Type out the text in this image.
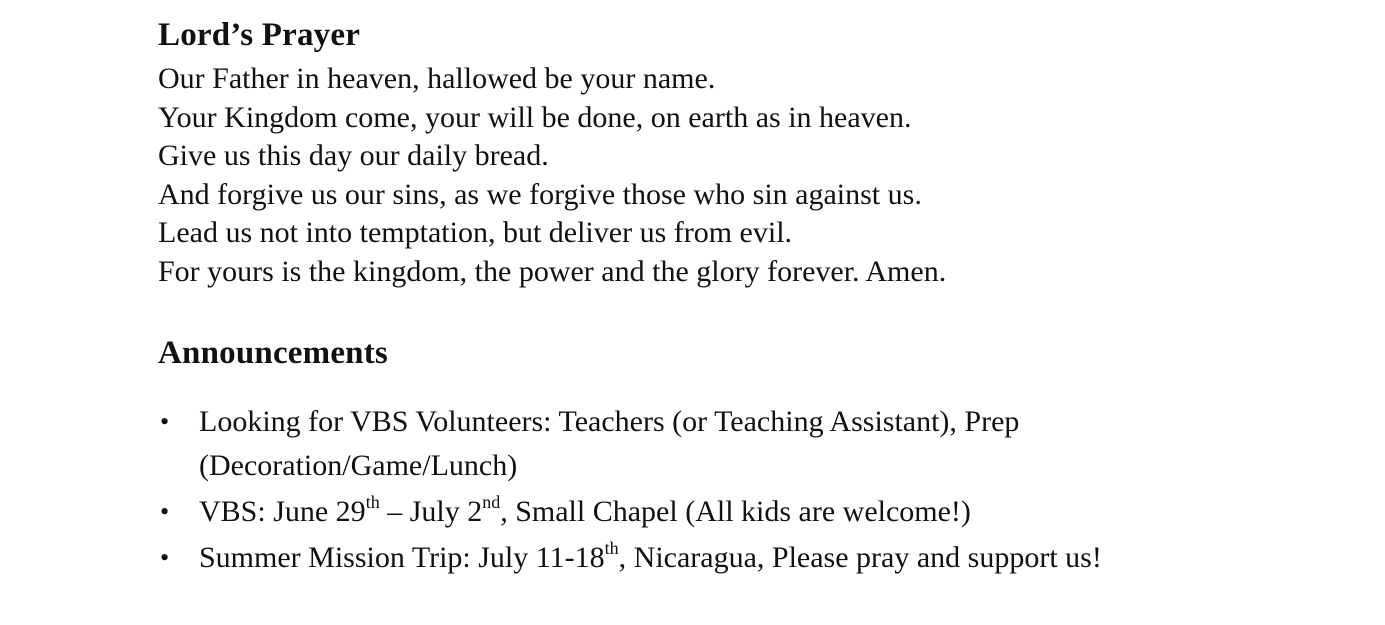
Lord’s Prayer

Our Father in heaven, hallowed be your name.

Your Kingdom come, your will be done, on earth as in heaven.

Give us this day our daily bread.

And forgive us our sins, as we forgive those who sin against us.

Lead us not into temptation, but deliver us from evil.

For yours is the kingdom, the power and the glory forever. Amen.

Announcements
• Looking for VBS Volunteers: Teachers (or Teaching Assistant), Prep
(Decoration/Game/Lunch)
• VBS: June 29th – July 2nd, Small Chapel (All kids are welcome!)
• Summer Mission Trip: July 11-18th, Nicaragua, Please pray and support us!
